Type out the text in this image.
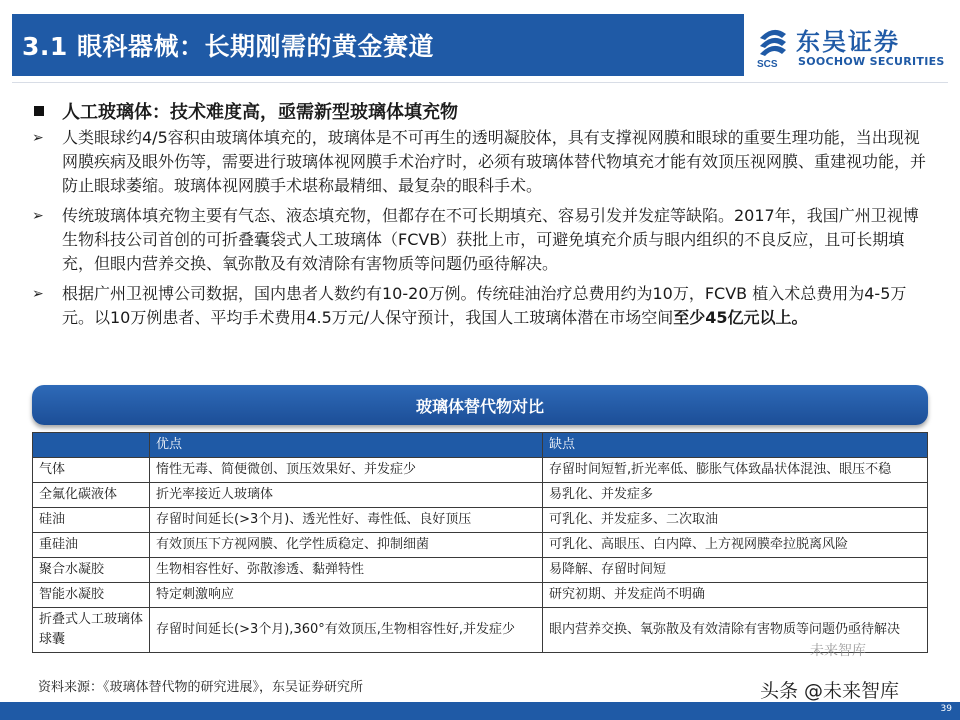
3.1 眼科器械：长期刚需的黄金赛道
SCS
东吴证券
SOOCHOW SECURITIES
人工玻璃体：技术难度高，亟需新型玻璃体填充物
➢	人类眼球约4/5容积由玻璃体填充的，玻璃体是不可再生的透明凝胶体，具有支撑视网膜和眼球的重要生理功能，当出现视网膜疾病及眼外伤等，需要进行玻璃体视网膜手术治疗时，必须有玻璃体替代物填充才能有效顶压视网膜、重建视功能，并防止眼球萎缩。玻璃体视网膜手术堪称最精细、最复杂的眼科手术。
➢	传统玻璃体填充物主要有气态、液态填充物，但都存在不可长期填充、容易引发并发症等缺陷。2017年，我国广州卫视博生物科技公司首创的可折叠囊袋式人工玻璃体（FCVB）获批上市，可避免填充介质与眼内组织的不良反应，且可长期填充，但眼内营养交换、氧弥散及有效清除有害物质等问题仍亟待解决。
➢	根据广州卫视博公司数据，国内患者人数约有10-20万例。传统硅油治疗总费用约为10万，FCVB 植入术总费用为4-5万元。以10万例患者、平均手术费用4.5万元/人保守预计，我国人工玻璃体潜在市场空间至少45亿元以上。
玻璃体替代物对比
	优点	缺点
气体	惰性无毒、简便微创、顶压效果好、并发症少	存留时间短暂,折光率低、膨胀气体致晶状体混浊、眼压不稳
全氟化碳液体	折光率接近人玻璃体	易乳化、并发症多
硅油	存留时间延长(>3个月)、透光性好、毒性低、良好顶压	可乳化、并发症多、二次取油
重硅油	有效顶压下方视网膜、化学性质稳定、抑制细菌	可乳化、高眼压、白内障、上方视网膜牵拉脱离风险
聚合水凝胶	生物相容性好、弥散渗透、黏弹特性	易降解、存留时间短
智能水凝胶	特定刺激响应	研究初期、并发症尚不明确
折叠式人工玻璃体球囊	存留时间延长(>3个月),360°有效顶压,生物相容性好,并发症少	眼内营养交换、氧弥散及有效清除有害物质等问题仍亟待解决
资料来源：《玻璃体替代物的研究进展》，东吴证券研究所
未来智库
头条 @未来智库
39
